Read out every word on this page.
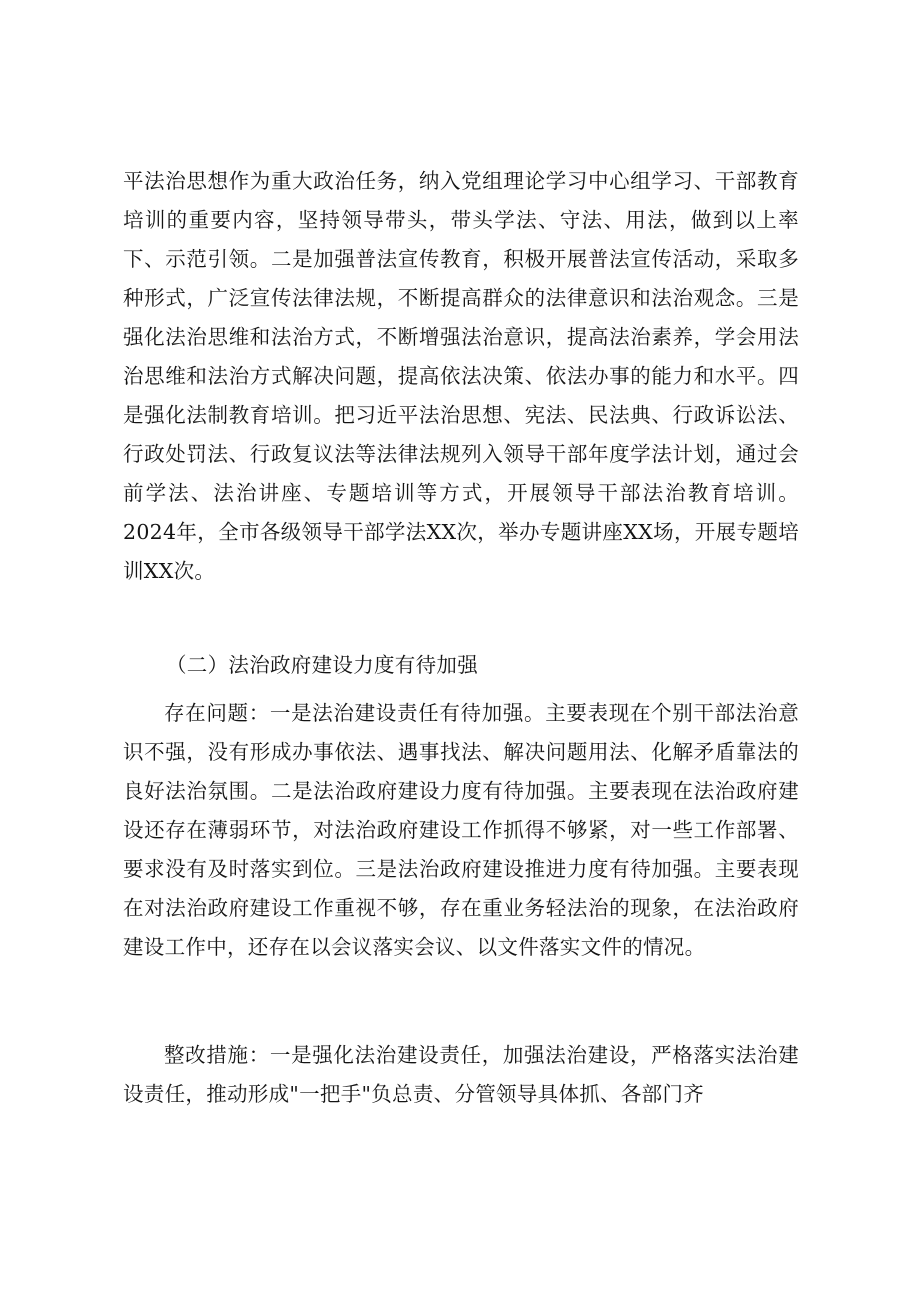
平法治思想作为重大政治任务，纳入党组理论学习中心组学习、干部教育培训的重要内容，坚持领导带头，带头学法、守法、用法，做到以上率下、示范引领。二是加强普法宣传教育，积极开展普法宣传活动，采取多种形式，广泛宣传法律法规，不断提高群众的法律意识和法治观念。三是强化法治思维和法治方式，不断增强法治意识，提高法治素养，学会用法治思维和法治方式解决问题，提高依法决策、依法办事的能力和水平。四是强化法制教育培训。把习近平法治思想、宪法、民法典、行政诉讼法、行政处罚法、行政复议法等法律法规列入领导干部年度学法计划，通过会前学法、法治讲座、专题培训等方式，开展领导干部法治教育培训。2024年，全市各级领导干部学法XX次，举办专题讲座XX场，开展专题培训XX次。

（二）法治政府建设力度有待加强

存在问题：一是法治建设责任有待加强。主要表现在个别干部法治意识不强，没有形成办事依法、遇事找法、解决问题用法、化解矛盾靠法的良好法治氛围。二是法治政府建设力度有待加强。主要表现在法治政府建设还存在薄弱环节，对法治政府建设工作抓得不够紧，对一些工作部署、要求没有及时落实到位。三是法治政府建设推进力度有待加强。主要表现在对法治政府建设工作重视不够，存在重业务轻法治的现象，在法治政府建设工作中，还存在以会议落实会议、以文件落实文件的情况。

整改措施：一是强化法治建设责任，加强法治建设，严格落实法治建设责任，推动形成"一把手"负总责、分管领导具体抓、各部门齐
